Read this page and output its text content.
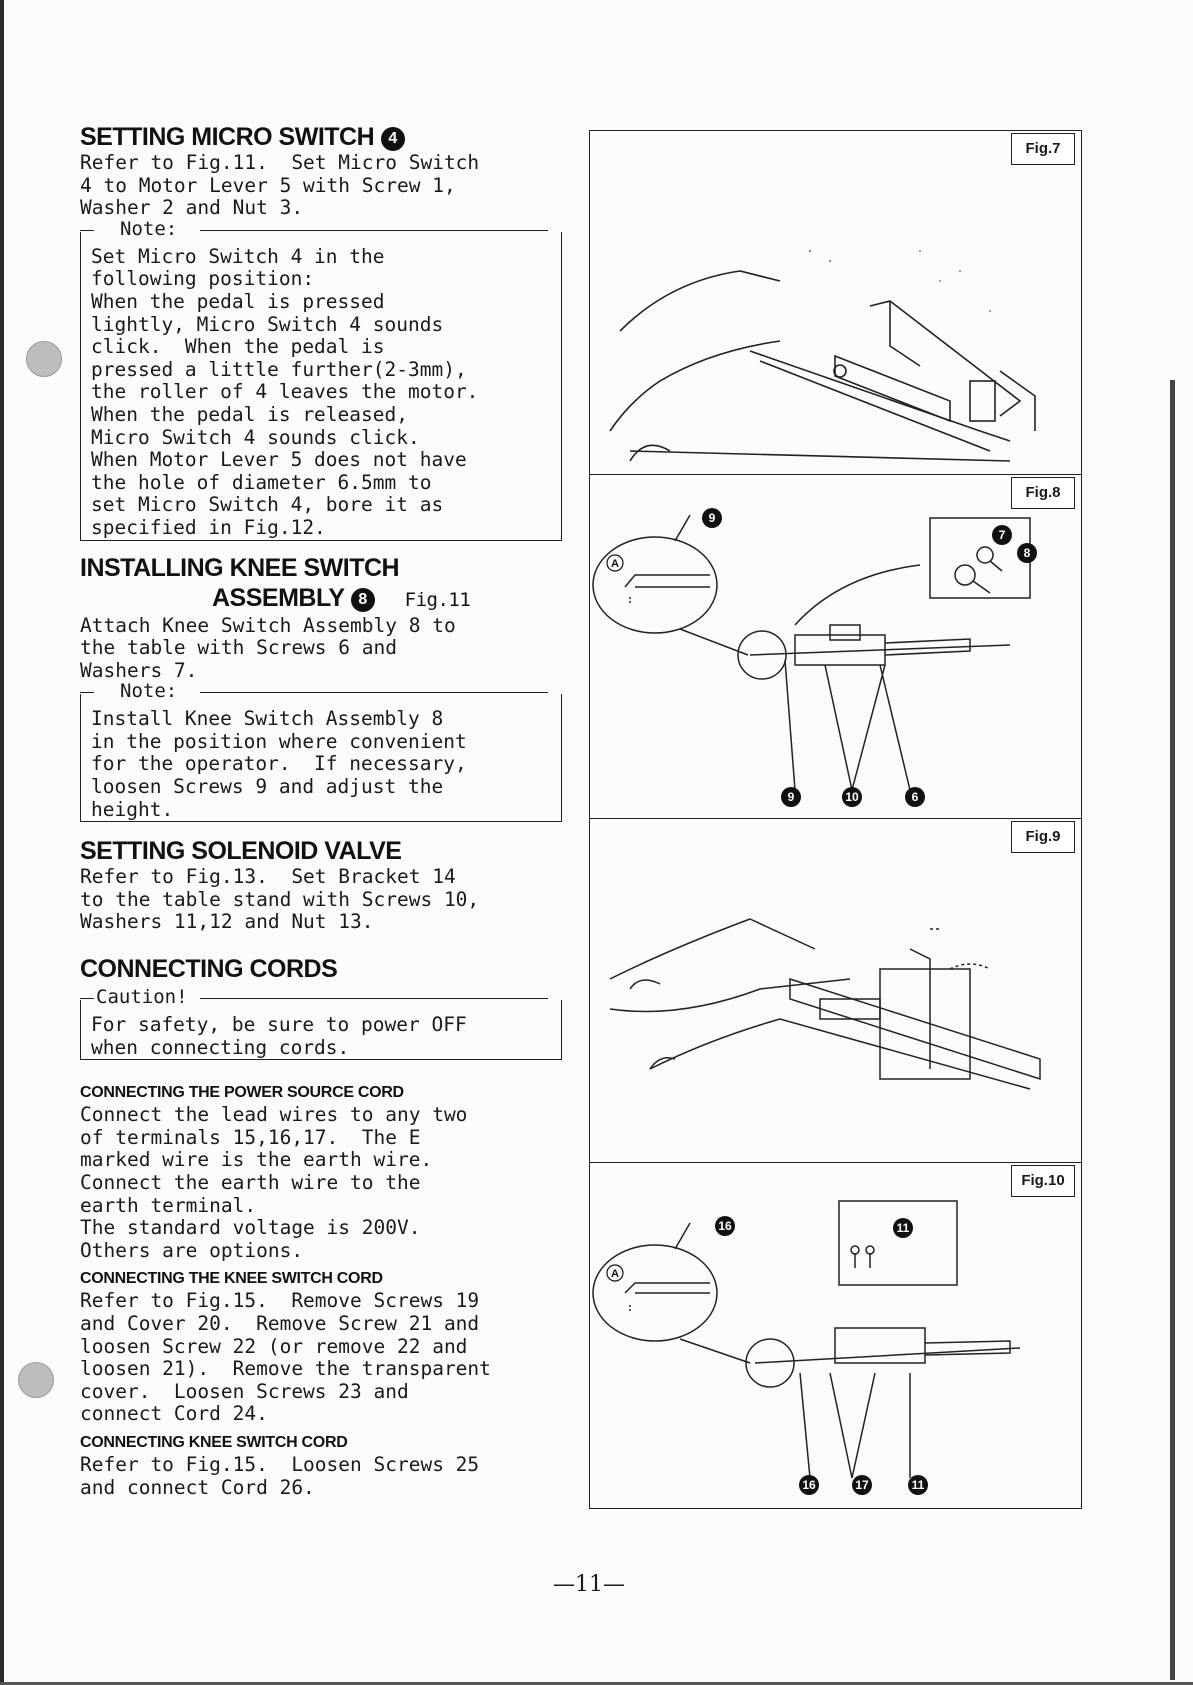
SETTING MICRO SWITCH 4

Refer to Fig.11.  Set Micro Switch
4 to Motor Lever 5 with Screw 1,
Washer 2 and Nut 3.

Note:

Set Micro Switch 4 in the
following position:
When the pedal is pressed
lightly, Micro Switch 4 sounds
click.  When the pedal is
pressed a little further(2-3mm),
the roller of 4 leaves the motor.
When the pedal is released,
Micro Switch 4 sounds click.
When Motor Lever 5 does not have
the hole of diameter 6.5mm to
set Micro Switch 4, bore it as
specified in Fig.12.

INSTALLING KNEE SWITCH
ASSEMBLY 8 Fig.11

Attach Knee Switch Assembly 8 to
the table with Screws 6 and
Washers 7.

Note:

Install Knee Switch Assembly 8
in the position where convenient
for the operator.  If necessary,
loosen Screws 9 and adjust the
height.

SETTING SOLENOID VALVE

Refer to Fig.13.  Set Bracket 14
to the table stand with Screws 10,
Washers 11,12 and Nut 13.

CONNECTING CORDS
Caution!

For safety, be sure to power OFF
when connecting cords.

CONNECTING THE POWER SOURCE CORD

Connect the lead wires to any two
of terminals 15,16,17.  The E
marked wire is the earth wire.
Connect the earth wire to the
earth terminal.
The standard voltage is 200V.
Others are options.

CONNECTING THE KNEE SWITCH CORD

Refer to Fig.15.  Remove Screws 19
and Cover 20.  Remove Screw 21 and
loosen Screw 22 (or remove 22 and
loosen 21).  Remove the transparent
cover.  Loosen Screws 23 and
connect Cord 24.

CONNECTING KNEE SWITCH CORD

Refer to Fig.15.  Loosen Screws 25
and connect Cord 26.

Fig.7
Fig.8
9
7
8
9	10	6
A
Fig.9
Fig.10
16	11
16	17	11
A
—11—
